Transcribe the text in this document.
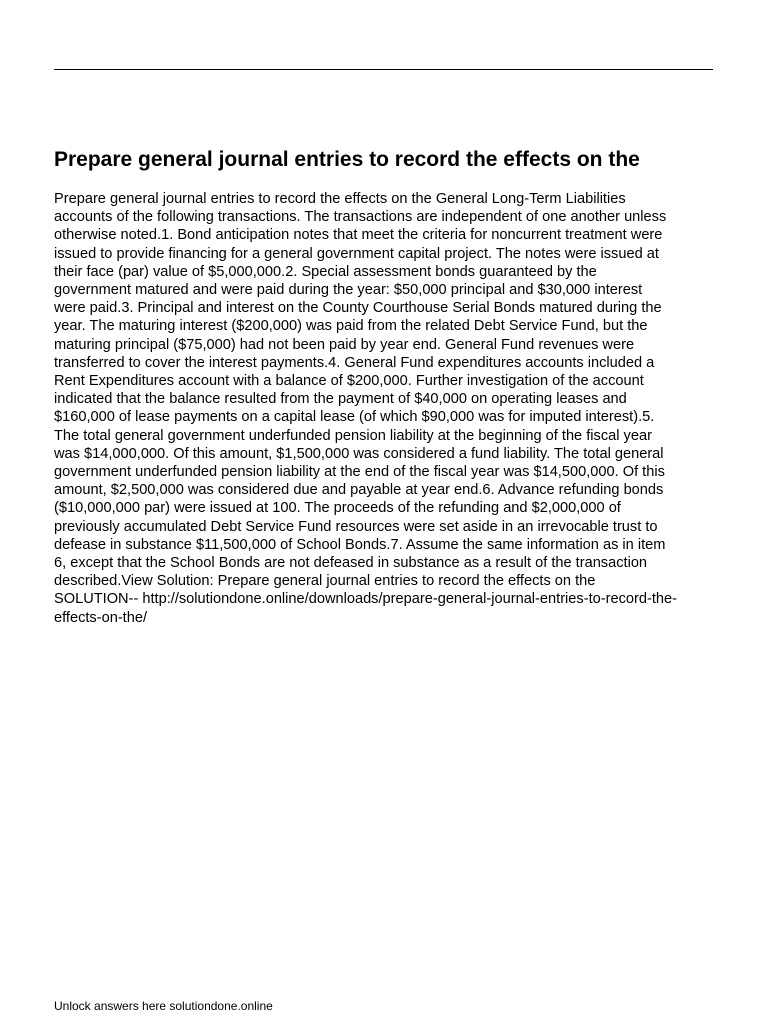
Prepare general journal entries to record the effects on the
Prepare general journal entries to record the effects on the General Long-Term Liabilities
accounts of the following transactions. The transactions are independent of one another unless
otherwise noted.1. Bond anticipation notes that meet the criteria for noncurrent treatment were
issued to provide financing for a general government capital project. The notes were issued at
their face (par) value of $5,000,000.2. Special assessment bonds guaranteed by the
government matured and were paid during the year: $50,000 principal and $30,000 interest
were paid.3. Principal and interest on the County Courthouse Serial Bonds matured during the
year. The maturing interest ($200,000) was paid from the related Debt Service Fund, but the
maturing principal ($75,000) had not been paid by year end. General Fund revenues were
transferred to cover the interest payments.4. General Fund expenditures accounts included a
Rent Expenditures account with a balance of $200,000. Further investigation of the account
indicated that the balance resulted from the payment of $40,000 on operating leases and
$160,000 of lease payments on a capital lease (of which $90,000 was for imputed interest).5.
The total general government underfunded pension liability at the beginning of the fiscal year
was $14,000,000. Of this amount, $1,500,000 was considered a fund liability. The total general
government underfunded pension liability at the end of the fiscal year was $14,500,000. Of this
amount, $2,500,000 was considered due and payable at year end.6. Advance refunding bonds
($10,000,000 par) were issued at 100. The proceeds of the refunding and $2,000,000 of
previously accumulated Debt Service Fund resources were set aside in an irrevocable trust to
defease in substance $11,500,000 of School Bonds.7. Assume the same information as in item
6, except that the School Bonds are not defeased in substance as a result of the transaction
described.View Solution: Prepare general journal entries to record the effects on the
SOLUTION-- http://solutiondone.online/downloads/prepare-general-journal-entries-to-record-the-
effects-on-the/

Unlock answers here solutiondone.online
